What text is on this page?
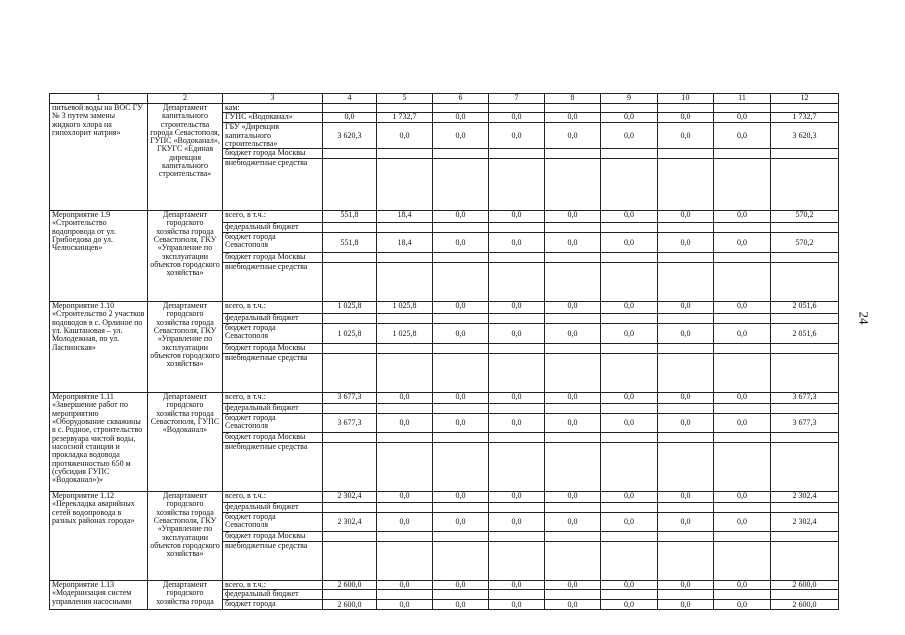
1	2	3	4	5	6	7	8	9	10	11	12
питьевой воды на ВОС ГУ № 3 путем замены жидкого хлора на гипохлорит натрия»	Департамент капитального строительства города Севастополя, ГУПС «Водоканал», ГКУГС «Единая дирекция капитального строительства»	кам:									
		ГУПС «Водоканал»	0,0	1 732,7	0,0	0,0	0,0	0,0	0,0	0,0	1 732,7
		ГБУ «Дирекция капитального строительства»	3 620,3	0,0	0,0	0,0	0,0	0,0	0,0	0,0	3 620,3
		бюджет города Москвы									
		внебюджетные средства									
Мероприятие 1.9 «Строительство водопровода от ул. Грибоедова до ул. Челюскинцев»	Департамент городского хозяйства города Севастополя, ГКУ «Управление по эксплуатации объектов городского хозяйства»	всего, в т.ч.:	551,8	18,4	0,0	0,0	0,0	0,0	0,0	0,0	570,2
		федеральный бюджет									
		бюджет города Севастополя	551,8	18,4	0,0	0,0	0,0	0,0	0,0	0,0	570,2
		бюджет города Москвы									
		внебюджетные средства									
Мероприятие 1.10 «Строительство 2 участков водоводов в с. Орлиное по ул. Каштановая – ул. Молодежная, по ул. Ласпинская»	Департамент городского хозяйства города Севастополя, ГКУ «Управление по эксплуатации объектов городского хозяйства»	всего, в т.ч.:	1 025,8	1 025,8	0,0	0,0	0,0	0,0	0,0	0,0	2 051,6
		федеральный бюджет									
		бюджет города Севастополя	1 025,8	1 025,8	0,0	0,0	0,0	0,0	0,0	0,0	2 051,6
		бюджет города Москвы									
		внебюджетные средства									
Мероприятие 1.11 «Завершение работ по мероприятию «Оборудование скважины в с. Родное, строительство резервуара чистой воды, насосной станции и прокладка водовода протяженностью 650 м (субсидия ГУПС «Водоканал»)»	Департамент городского хозяйства города Севастополя, ГУПС «Водоканал»	всего, в т.ч.:	3 677,3	0,0	0,0	0,0	0,0	0,0	0,0	0,0	3 677,3
		федеральный бюджет									
		бюджет города Севастополя	3 677,3	0,0	0,0	0,0	0,0	0,0	0,0	0,0	3 677,3
		бюджет города Москвы									
		внебюджетные средства									
Мероприятие 1.12 «Перекладка аварийных сетей водопровода в разных районах города»	Департамент городского хозяйства города Севастополя, ГКУ «Управление по эксплуатации объектов городского хозяйства»	всего, в т.ч.:	2 302,4	0,0	0,0	0,0	0,0	0,0	0,0	0,0	2 302,4
		федеральный бюджет									
		бюджет города Севастополя	2 302,4	0,0	0,0	0,0	0,0	0,0	0,0	0,0	2 302,4
		бюджет города Москвы									
		внебюджетные средства									
Мероприятие 1.13 «Модернизация систем управления насосными	Департамент городского хозяйства города	всего, в т.ч.:	2 600,0	0,0	0,0	0,0	0,0	0,0	0,0	0,0	2 600,0
		федеральный бюджет									
		бюджет города	2 600,0	0,0	0,0	0,0	0,0	0,0	0,0	0,0	2 600,0
24
